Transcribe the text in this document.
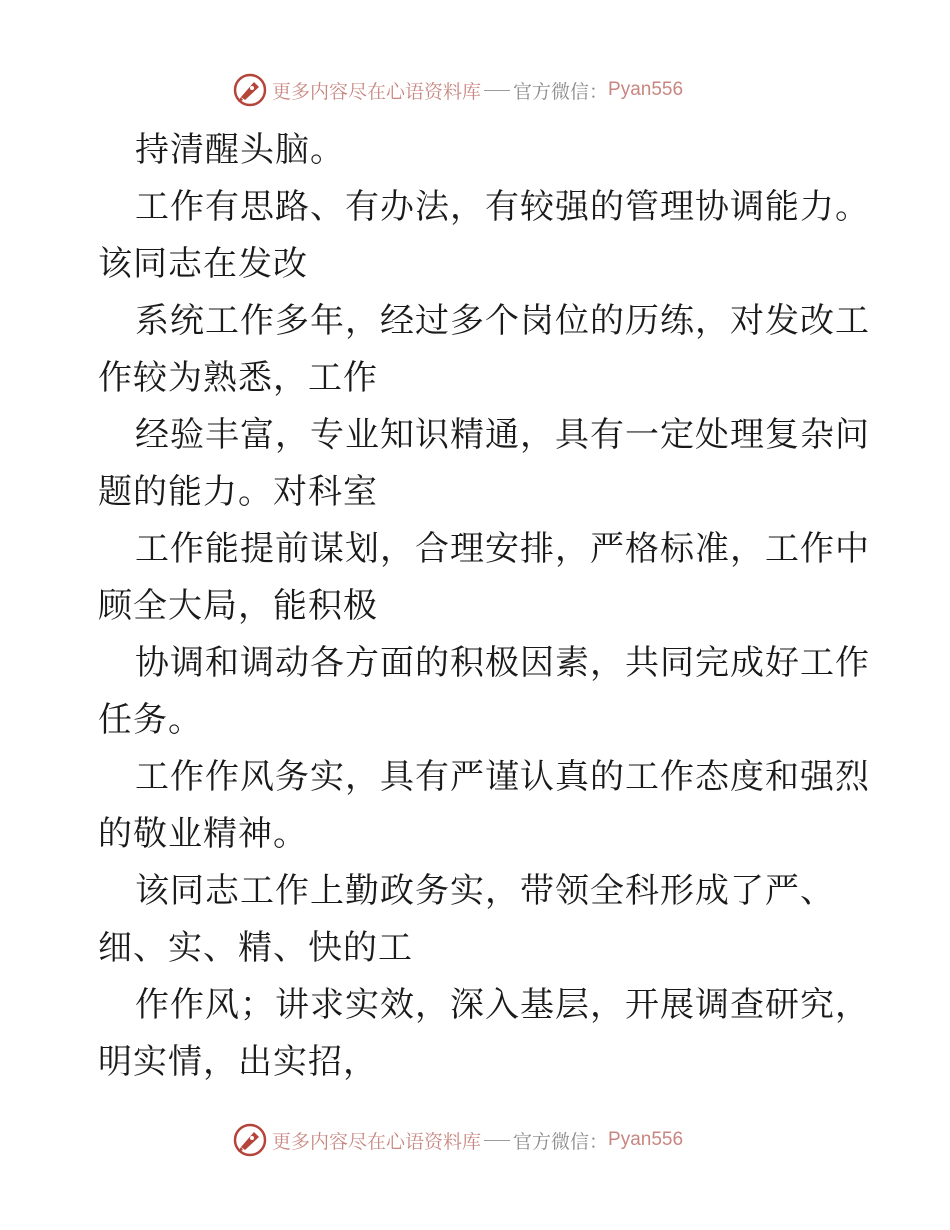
更多内容尽在心语资料库 官方微信： Pyan556
持清醒头脑。
工作有思路、有办法，有较强的管理协调能力。
该同志在发改
系统工作多年，经过多个岗位的历练，对发改工
作较为熟悉，工作
经验丰富，专业知识精通，具有一定处理复杂问
题的能力。对科室
工作能提前谋划，合理安排，严格标准，工作中
顾全大局，能积极
协调和调动各方面的积极因素，共同完成好工作
任务。
工作作风务实，具有严谨认真的工作态度和强烈
的敬业精神。
该同志工作上勤政务实，带领全科形成了严、
细、实、精、快的工
作作风；讲求实效，深入基层，开展调查研究，
明实情，出实招，
更多内容尽在心语资料库 官方微信： Pyan556
